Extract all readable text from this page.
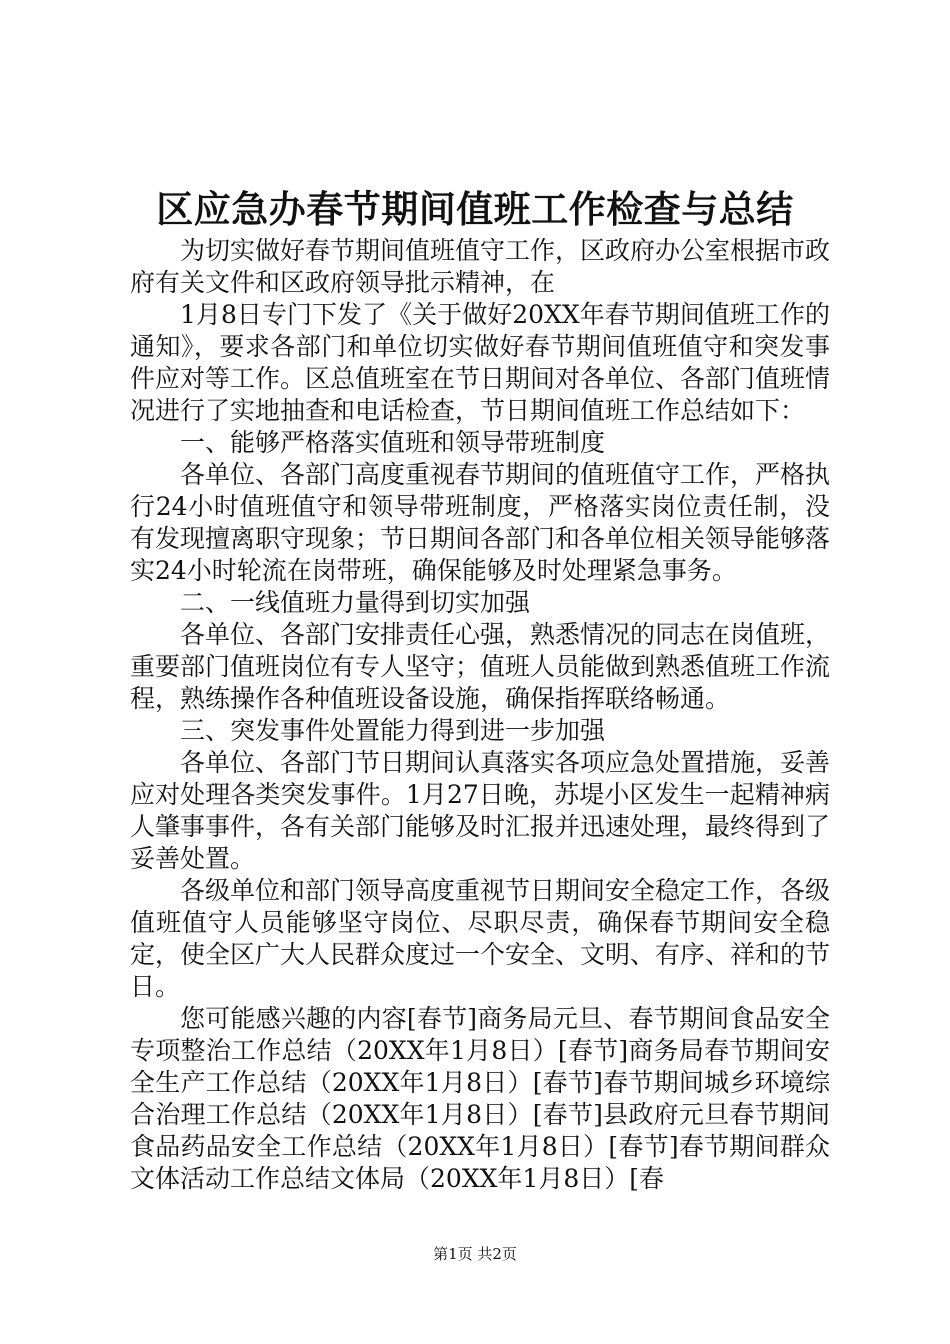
区应急办春节期间值班工作检查与总结

为切实做好春节期间值班值守工作，区政府办公室根据市政府有关文件和区政府领导批示精神，在

1月8日专门下发了《关于做好20XX年春节期间值班工作的通知》，要求各部门和单位切实做好春节期间值班值守和突发事件应对等工作。区总值班室在节日期间对各单位、各部门值班情况进行了实地抽查和电话检查，节日期间值班工作总结如下：

一、能够严格落实值班和领导带班制度

各单位、各部门高度重视春节期间的值班值守工作，严格执行24小时值班值守和领导带班制度，严格落实岗位责任制，没有发现擅离职守现象；节日期间各部门和各单位相关领导能够落实24小时轮流在岗带班，确保能够及时处理紧急事务。

二、一线值班力量得到切实加强

各单位、各部门安排责任心强，熟悉情况的同志在岗值班，重要部门值班岗位有专人坚守；值班人员能做到熟悉值班工作流程，熟练操作各种值班设备设施，确保指挥联络畅通。

三、突发事件处置能力得到进一步加强

各单位、各部门节日期间认真落实各项应急处置措施，妥善应对处理各类突发事件。1月27日晚，苏堤小区发生一起精神病人肇事事件，各有关部门能够及时汇报并迅速处理，最终得到了妥善处置。

各级单位和部门领导高度重视节日期间安全稳定工作，各级值班值守人员能够坚守岗位、尽职尽责，确保春节期间安全稳定，使全区广大人民群众度过一个安全、文明、有序、祥和的节日。

您可能感兴趣的内容[春节]商务局元旦、春节期间食品安全专项整治工作总结（20XX年1月8日）[春节]商务局春节期间安全生产工作总结（20XX年1月8日）[春节]春节期间城乡环境综合治理工作总结（20XX年1月8日）[春节]县政府元旦春节期间食品药品安全工作总结（20XX年1月8日）[春节]春节期间群众文体活动工作总结文体局（20XX年1月8日）[春

第1页 共2页
